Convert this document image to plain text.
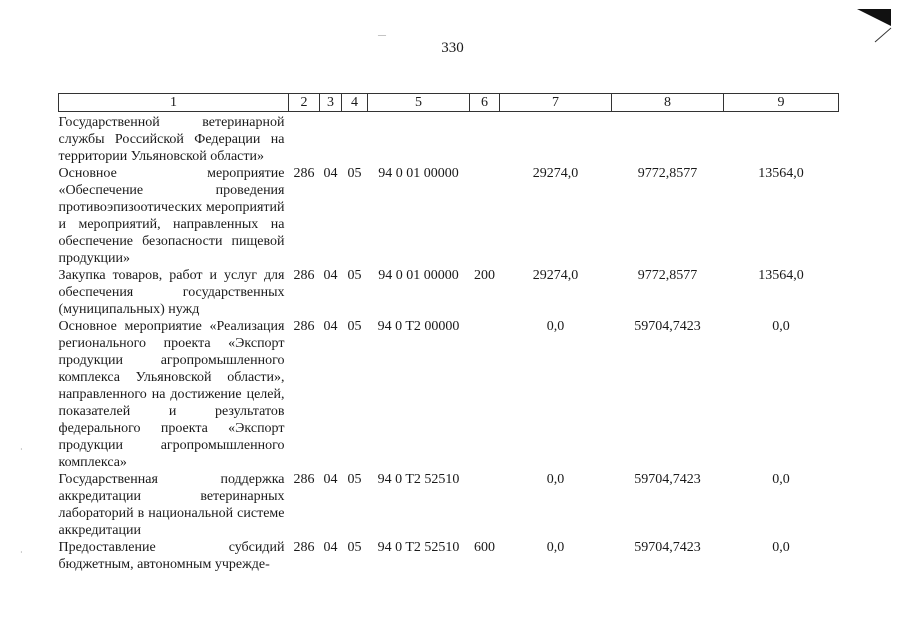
330
—
·
·
1	2	3	4	5	6	7	8	9

Государственной ветеринарной службы Российской Федерации на территории Ульяновской области»								

Основное мероприятие «Обеспечение проведения противоэпизоотических мероприятий и мероприятий, направленных на обеспечение безопасности пищевой продукции»	286	04	05	94 0 01 00000		29274,0	9772,8577	13564,0

Закупка товаров, работ и услуг для обеспечения государственных (муниципальных) нужд	286	04	05	94 0 01 00000	200	29274,0	9772,8577	13564,0

Основное мероприятие «Реализация регионального проекта «Экспорт продукции агропромышленного комплекса Ульяновской области», направленного на достижение целей, показателей и результатов федерального проекта «Экспорт продукции агропромышленного комплекса»	286	04	05	94 0 T2 00000		0,0	59704,7423	0,0

Государственная поддержка аккредитации ветеринарных лабораторий в национальной системе аккредитации	286	04	05	94 0 T2 52510		0,0	59704,7423	0,0

Предоставление субсидий бюджетным, автономным учрежде-	286	04	05	94 0 T2 52510	600	0,0	59704,7423	0,0
